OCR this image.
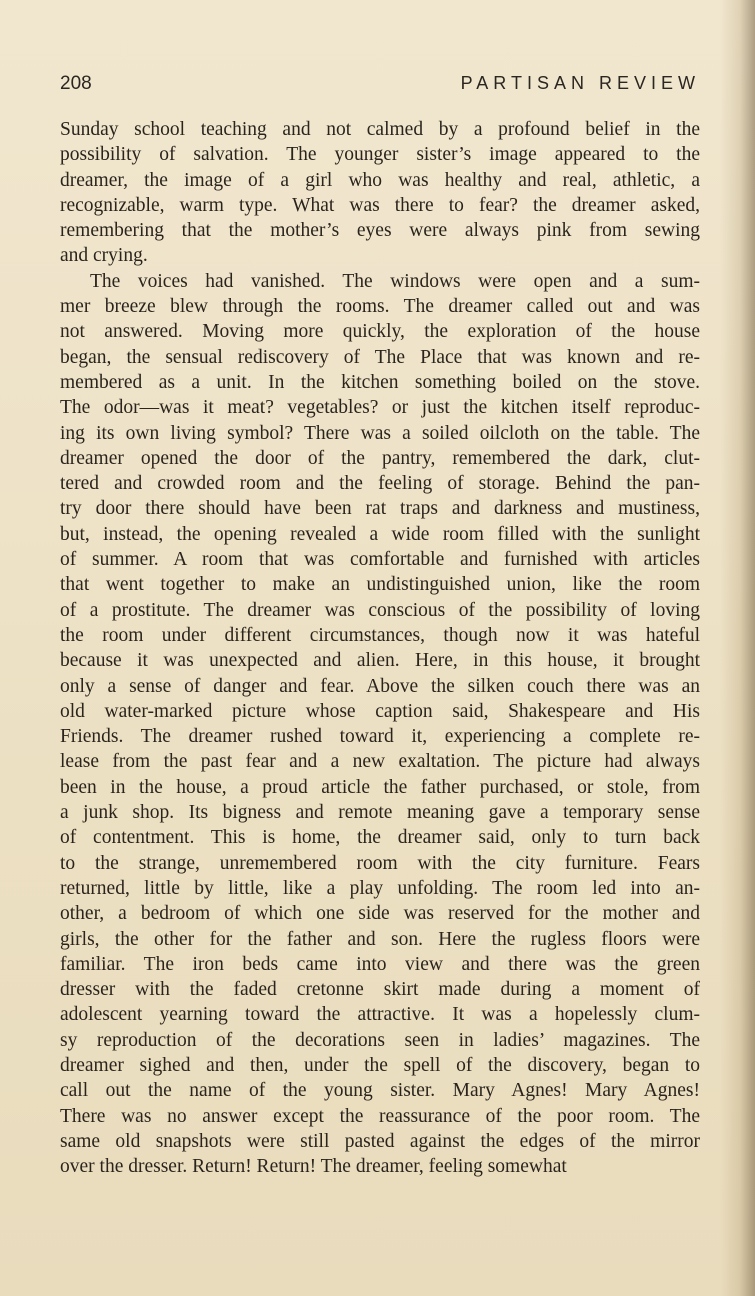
208	PARTISAN REVIEW
Sunday school teaching and not calmed by a profound belief in the
possibility of salvation. The younger sister’s image appeared to the
dreamer, the image of a girl who was healthy and real, athletic, a
recognizable, warm type. What was there to fear? the dreamer asked,
remembering that the mother’s eyes were always pink from sewing
and crying.
The voices had vanished. The windows were open and a sum-
mer breeze blew through the rooms. The dreamer called out and was
not answered. Moving more quickly, the exploration of the house
began, the sensual rediscovery of The Place that was known and re-
membered as a unit. In the kitchen something boiled on the stove.
The odor—was it meat? vegetables? or just the kitchen itself reproduc-
ing its own living symbol? There was a soiled oilcloth on the table. The
dreamer opened the door of the pantry, remembered the dark, clut-
tered and crowded room and the feeling of storage. Behind the pan-
try door there should have been rat traps and darkness and mustiness,
but, instead, the opening revealed a wide room filled with the sunlight
of summer. A room that was comfortable and furnished with articles
that went together to make an undistinguished union, like the room
of a prostitute. The dreamer was conscious of the possibility of loving
the room under different circumstances, though now it was hateful
because it was unexpected and alien. Here, in this house, it brought
only a sense of danger and fear. Above the silken couch there was an
old water-marked picture whose caption said, Shakespeare and His
Friends. The dreamer rushed toward it, experiencing a complete re-
lease from the past fear and a new exaltation. The picture had always
been in the house, a proud article the father purchased, or stole, from
a junk shop. Its bigness and remote meaning gave a temporary sense
of contentment. This is home, the dreamer said, only to turn back
to the strange, unremembered room with the city furniture. Fears
returned, little by little, like a play unfolding. The room led into an-
other, a bedroom of which one side was reserved for the mother and
girls, the other for the father and son. Here the rugless floors were
familiar. The iron beds came into view and there was the green
dresser with the faded cretonne skirt made during a moment of
adolescent yearning toward the attractive. It was a hopelessly clum-
sy reproduction of the decorations seen in ladies’ magazines. The
dreamer sighed and then, under the spell of the discovery, began to
call out the name of the young sister. Mary Agnes! Mary Agnes!
There was no answer except the reassurance of the poor room. The
same old snapshots were still pasted against the edges of the mirror
over the dresser. Return! Return! The dreamer, feeling somewhat
